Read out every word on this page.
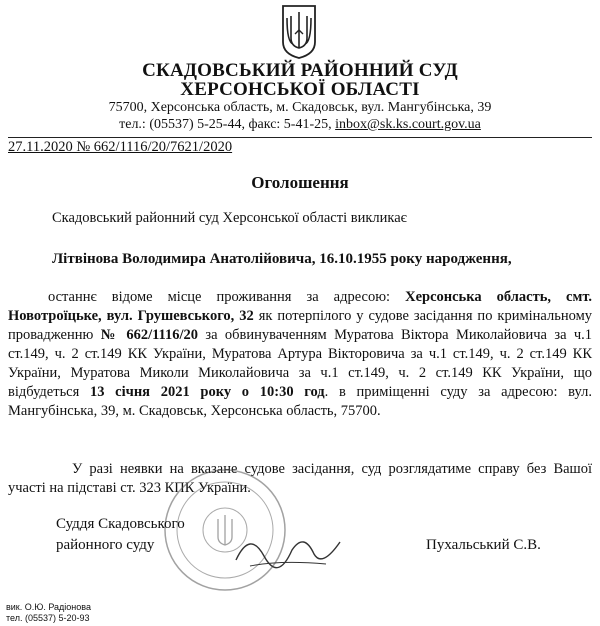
СКАДОВСЬКИЙ РАЙОННИЙ СУД
ХЕРСОНСЬКОЇ ОБЛАСТІ
75700, Херсонська область, м. Скадовськ, вул. Мангубінська, 39
тел.: (05537) 5-25-44, факс: 5-41-25, inbox@sk.ks.court.gov.ua
27.11.2020 № 662/1116/20/7621/2020
Оголошення
Скадовський районний суд Херсонської області викликає
Літвінова Володимира Анатолійовича, 16.10.1955 року народження,
останнє відоме місце проживання за адресою: Херсонська область, смт. Новотроїцьке, вул. Грушевського, 32 як потерпілого у судове засідання по кримінальному провадженню № 662/1116/20 за обвинуваченням Муратова Віктора Миколайовича за ч.1 ст.149, ч. 2 ст.149 КК України, Муратова Артура Вікторовича за ч.1 ст.149, ч. 2 ст.149 КК України, Муратова Миколи Миколайовича за ч.1 ст.149, ч. 2 ст.149 КК України, що відбудеться 13 січня 2021 року о 10:30 год. в приміщенні суду за адресою: вул. Мангубінська, 39, м. Скадовськ, Херсонська область, 75700.
У разі неявки на вказане судове засідання, суд розглядатиме справу без Вашої участі на підставі ст. 323 КПК України.
Суддя Скадовського
районного суду	Пухальський С.В.
вик. О.Ю. Радіонова
тел. (05537) 5-20-93
